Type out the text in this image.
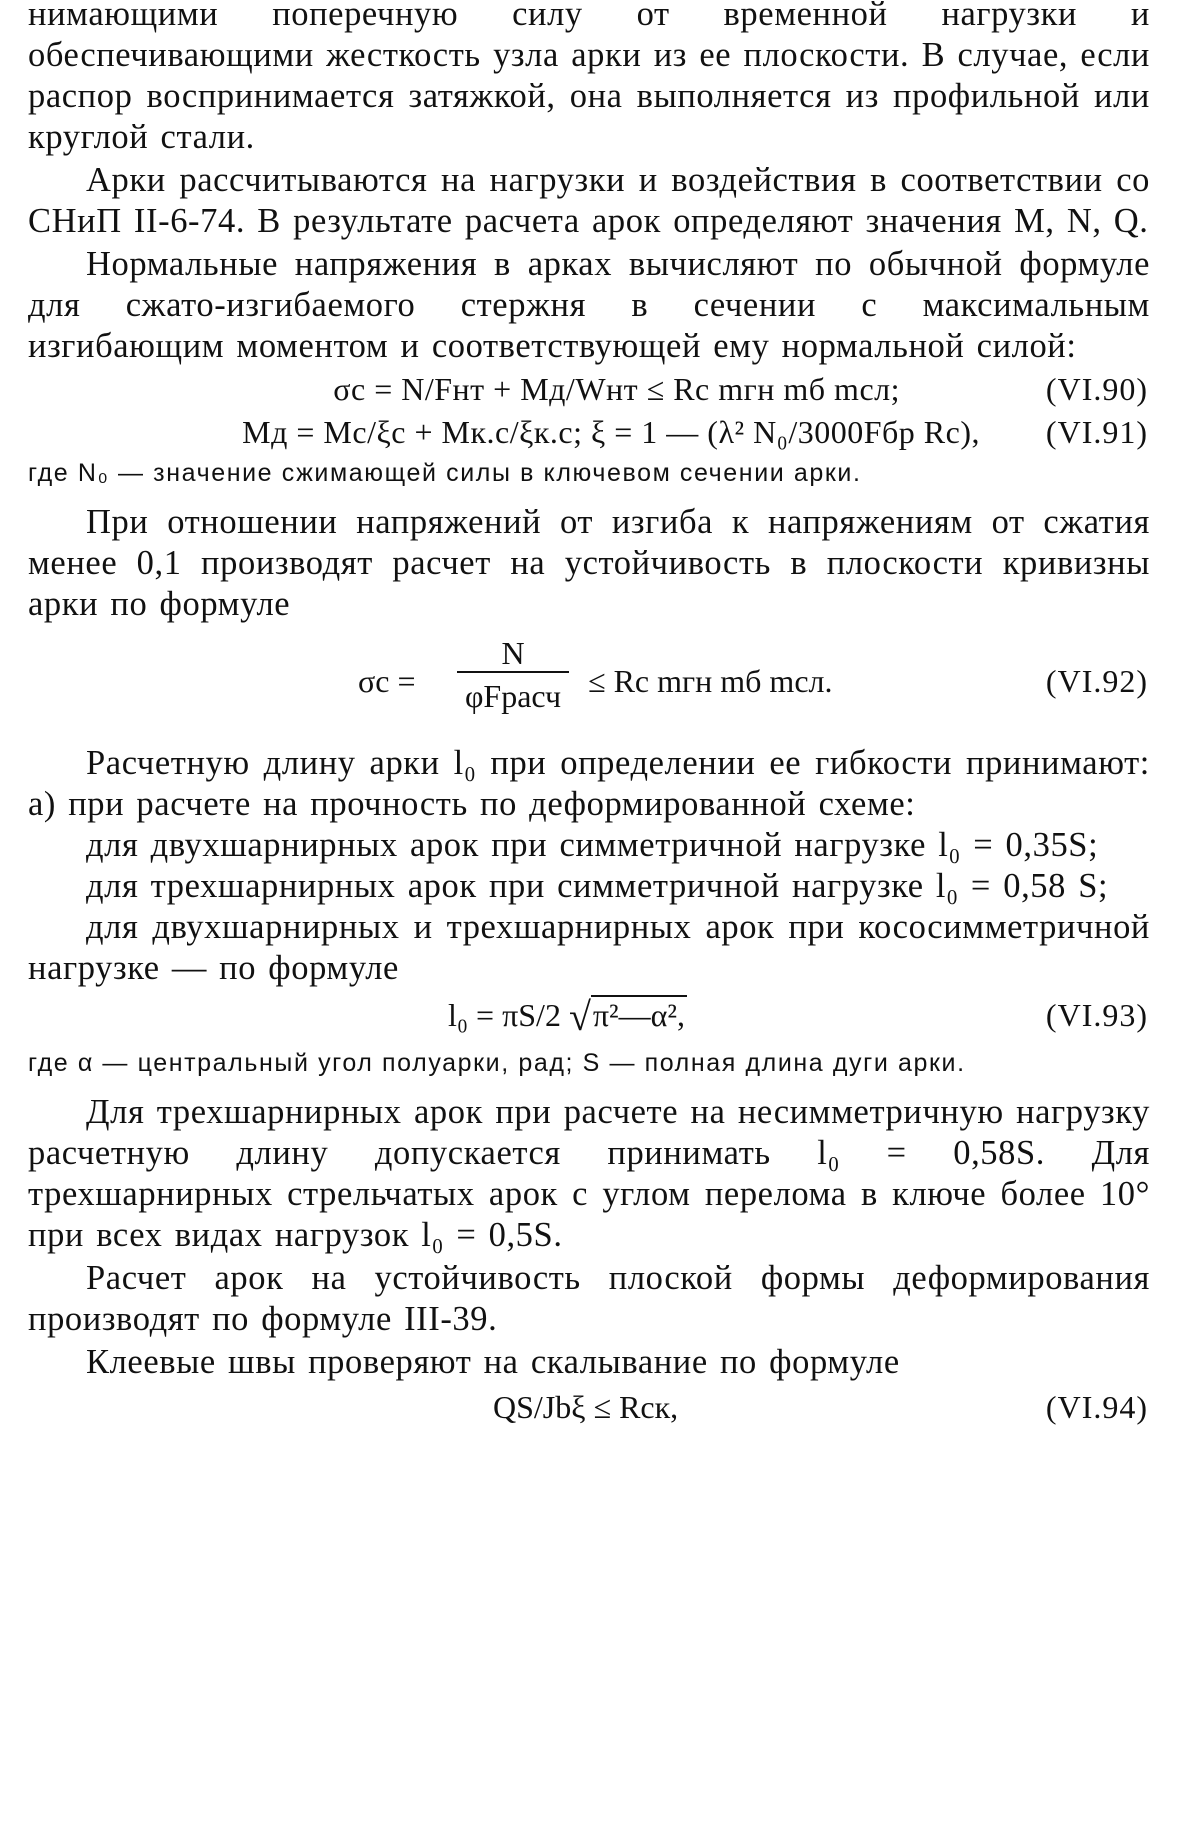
нимающими поперечную силу от временной нагрузки и обеспечивающими жесткость узла арки из ее плоскости. В случае, если распор воспринимается затяжкой, она выполняется из профильной или круглой стали.

Арки рассчитываются на нагрузки и воздействия в соответствии со СНиП II-6-74. В результате расчета арок определяют значения M, N, Q.

Нормальные напряжения в арках вычисляют по обычной формуле для сжато-изгибаемого стержня в сечении с максимальным изгибающим моментом и соответствующей ему нормальной силой:

σс = N/Fнт + Mд/Wнт ≤ Rс mгн mб mсл;	(VI.90)
Mд = Mс/ξс + Mк.с/ξк.с; ξ = 1 — (λ² N₀/3000Fбр Rс), (VI.91)

где N₀ — значение сжимающей силы в ключевом сечении арки.

При отношении напряжений от изгиба к напряжениям от сжатия менее 0,1 производят расчет на устойчивость в плоскости кривизны арки по формуле

σс =
N
φFрасч ≤ Rс mгн mб mсл.	(VI.92)

Расчетную длину арки l₀ при определении ее гибкости принимают: а) при расчете на прочность по деформированной схеме:

для двухшарнирных арок при симметричной нагрузке l₀ = 0,35S;

для трехшарнирных арок при симметричной нагрузке l₀ = 0,58 S;

для двухшарнирных и трехшарнирных арок при кососимметричной нагрузке — по формуле

l₀ = πS/2 √π²—α²,	(VI.93)

где α — центральный угол полуарки, рад; S — полная длина дуги арки.

Для трехшарнирных арок при расчете на несимметричную нагрузку расчетную длину допускается принимать l₀ = 0,58S. Для трехшарнирных стрельчатых арок с углом перелома в ключе более 10° при всех видах нагрузок l₀ = 0,5S.

Расчет арок на устойчивость плоской формы деформирования производят по формуле III-39.

Клеевые швы проверяют на скалывание по формуле

QS/Jbξ ≤ Rск,	(VI.94)
